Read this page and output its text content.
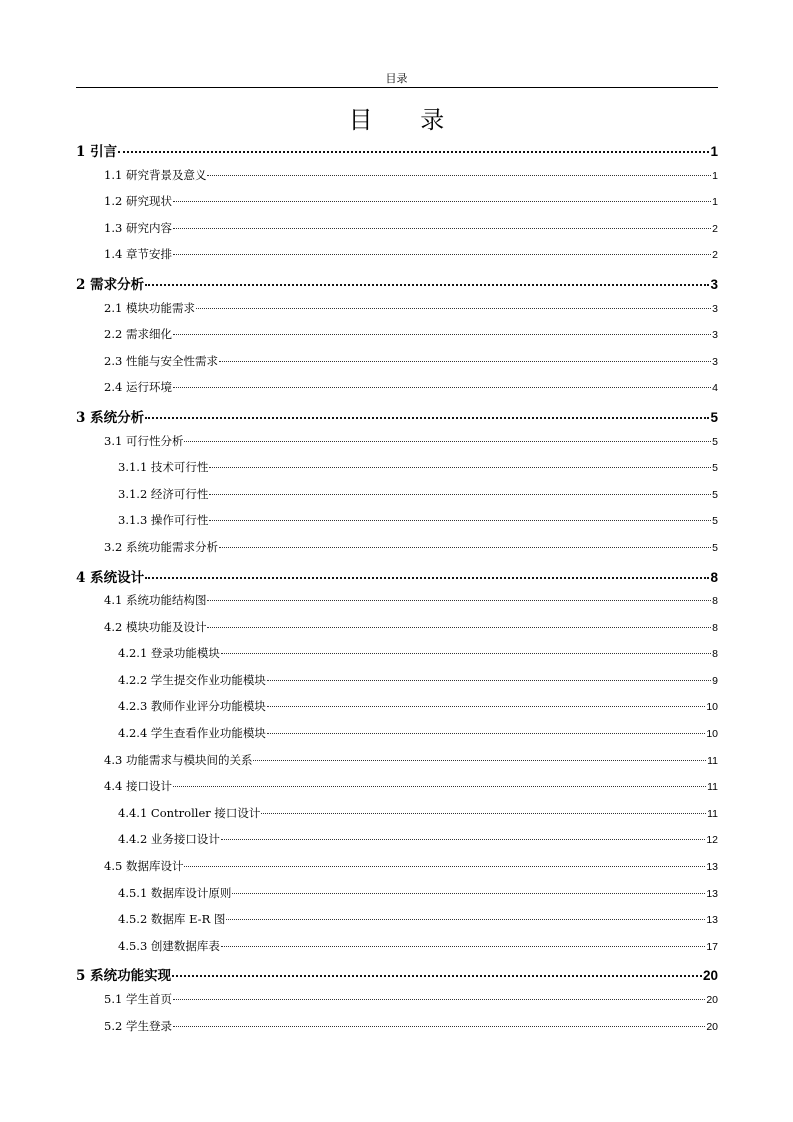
目录
目 录
1 引言	1
1.1 研究背景及意义	1
1.2 研究现状	1
1.3 研究内容	2
1.4 章节安排	2
2 需求分析	3
2.1 模块功能需求	3
2.2 需求细化	3
2.3 性能与安全性需求	3
2.4 运行环境	4
3 系统分析	5
3.1 可行性分析	5
3.1.1 技术可行性	5
3.1.2 经济可行性	5
3.1.3 操作可行性	5
3.2 系统功能需求分析	5
4 系统设计	8
4.1 系统功能结构图	8
4.2 模块功能及设计	8
4.2.1 登录功能模块	8
4.2.2 学生提交作业功能模块	9
4.2.3 教师作业评分功能模块	10
4.2.4 学生查看作业功能模块	10
4.3 功能需求与模块间的关系	11
4.4 接口设计	11
4.4.1 Controller 接口设计	11
4.4.2 业务接口设计	12
4.5 数据库设计	13
4.5.1 数据库设计原则	13
4.5.2 数据库 E-R 图	13
4.5.3 创建数据库表	17
5 系统功能实现	20
5.1 学生首页	20
5.2 学生登录	20
